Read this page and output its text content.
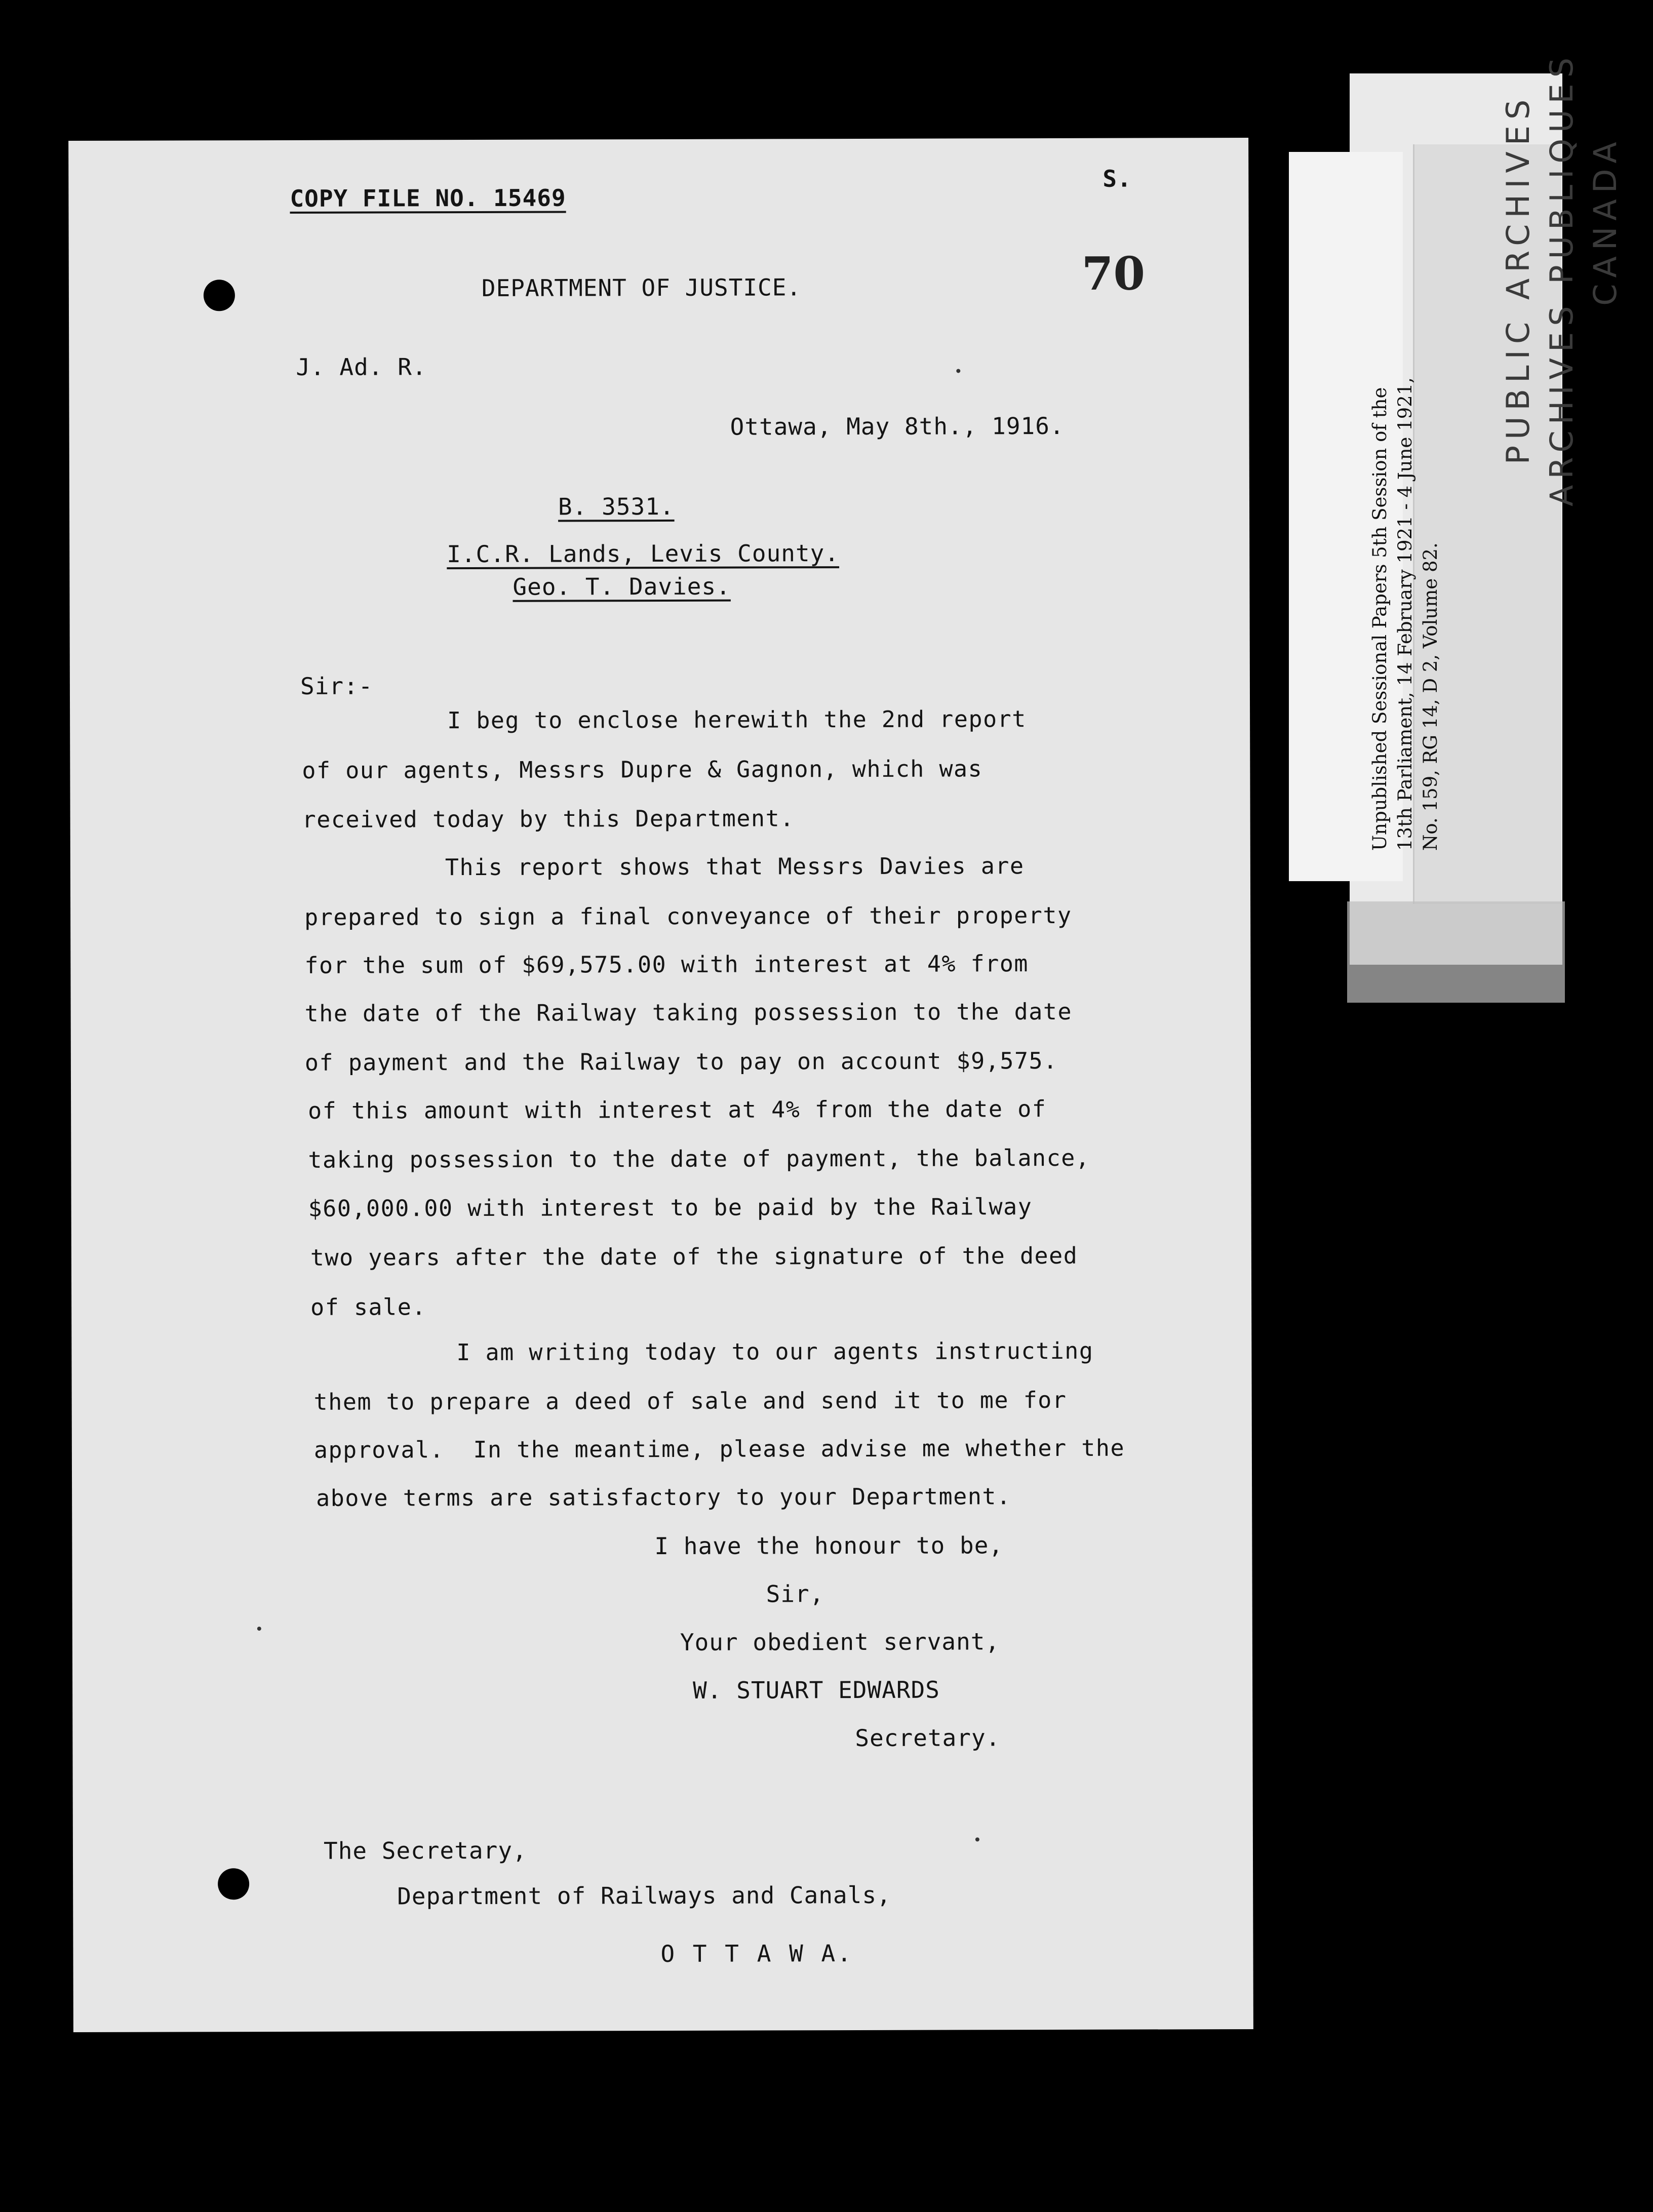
COPY FILE NO. 15469
S.
70
DEPARTMENT OF JUSTICE.
J. Ad. R.
Ottawa, May 8th., 1916.
B. 3531.
I.C.R. Lands, Levis County.
Geo. T. Davies.
Sir:-
I beg to enclose herewith the 2nd report
of our agents, Messrs Dupre & Gagnon, which was
received today by this Department.
This report shows that Messrs Davies are
prepared to sign a final conveyance of their property
for the sum of $69,575.00 with interest at 4% from
the date of the Railway taking possession to the date
of payment and the Railway to pay on account $9,575.
of this amount with interest at 4% from the date of
taking possession to the date of payment, the balance,
$60,000.00 with interest to be paid by the Railway
two years after the date of the signature of the deed
of sale.
I am writing today to our agents instructing
them to prepare a deed of sale and send it to me for
approval.  In the meantime, please advise me whether the
above terms are satisfactory to your Department.
I have the honour to be,
Sir,
Your obedient servant,
W. STUART EDWARDS
Secretary.
The Secretary,
Department of Railways and Canals,
O T T A W A.
PUBLIC ARCHIVES ARCHIVES PUBLIQUES CANADA
Unpublished Sessional Papers 5th Session of the 13th Parliament, 14 February 1921 - 4 June 1921, No. 159, RG 14, D 2, Volume 82.
